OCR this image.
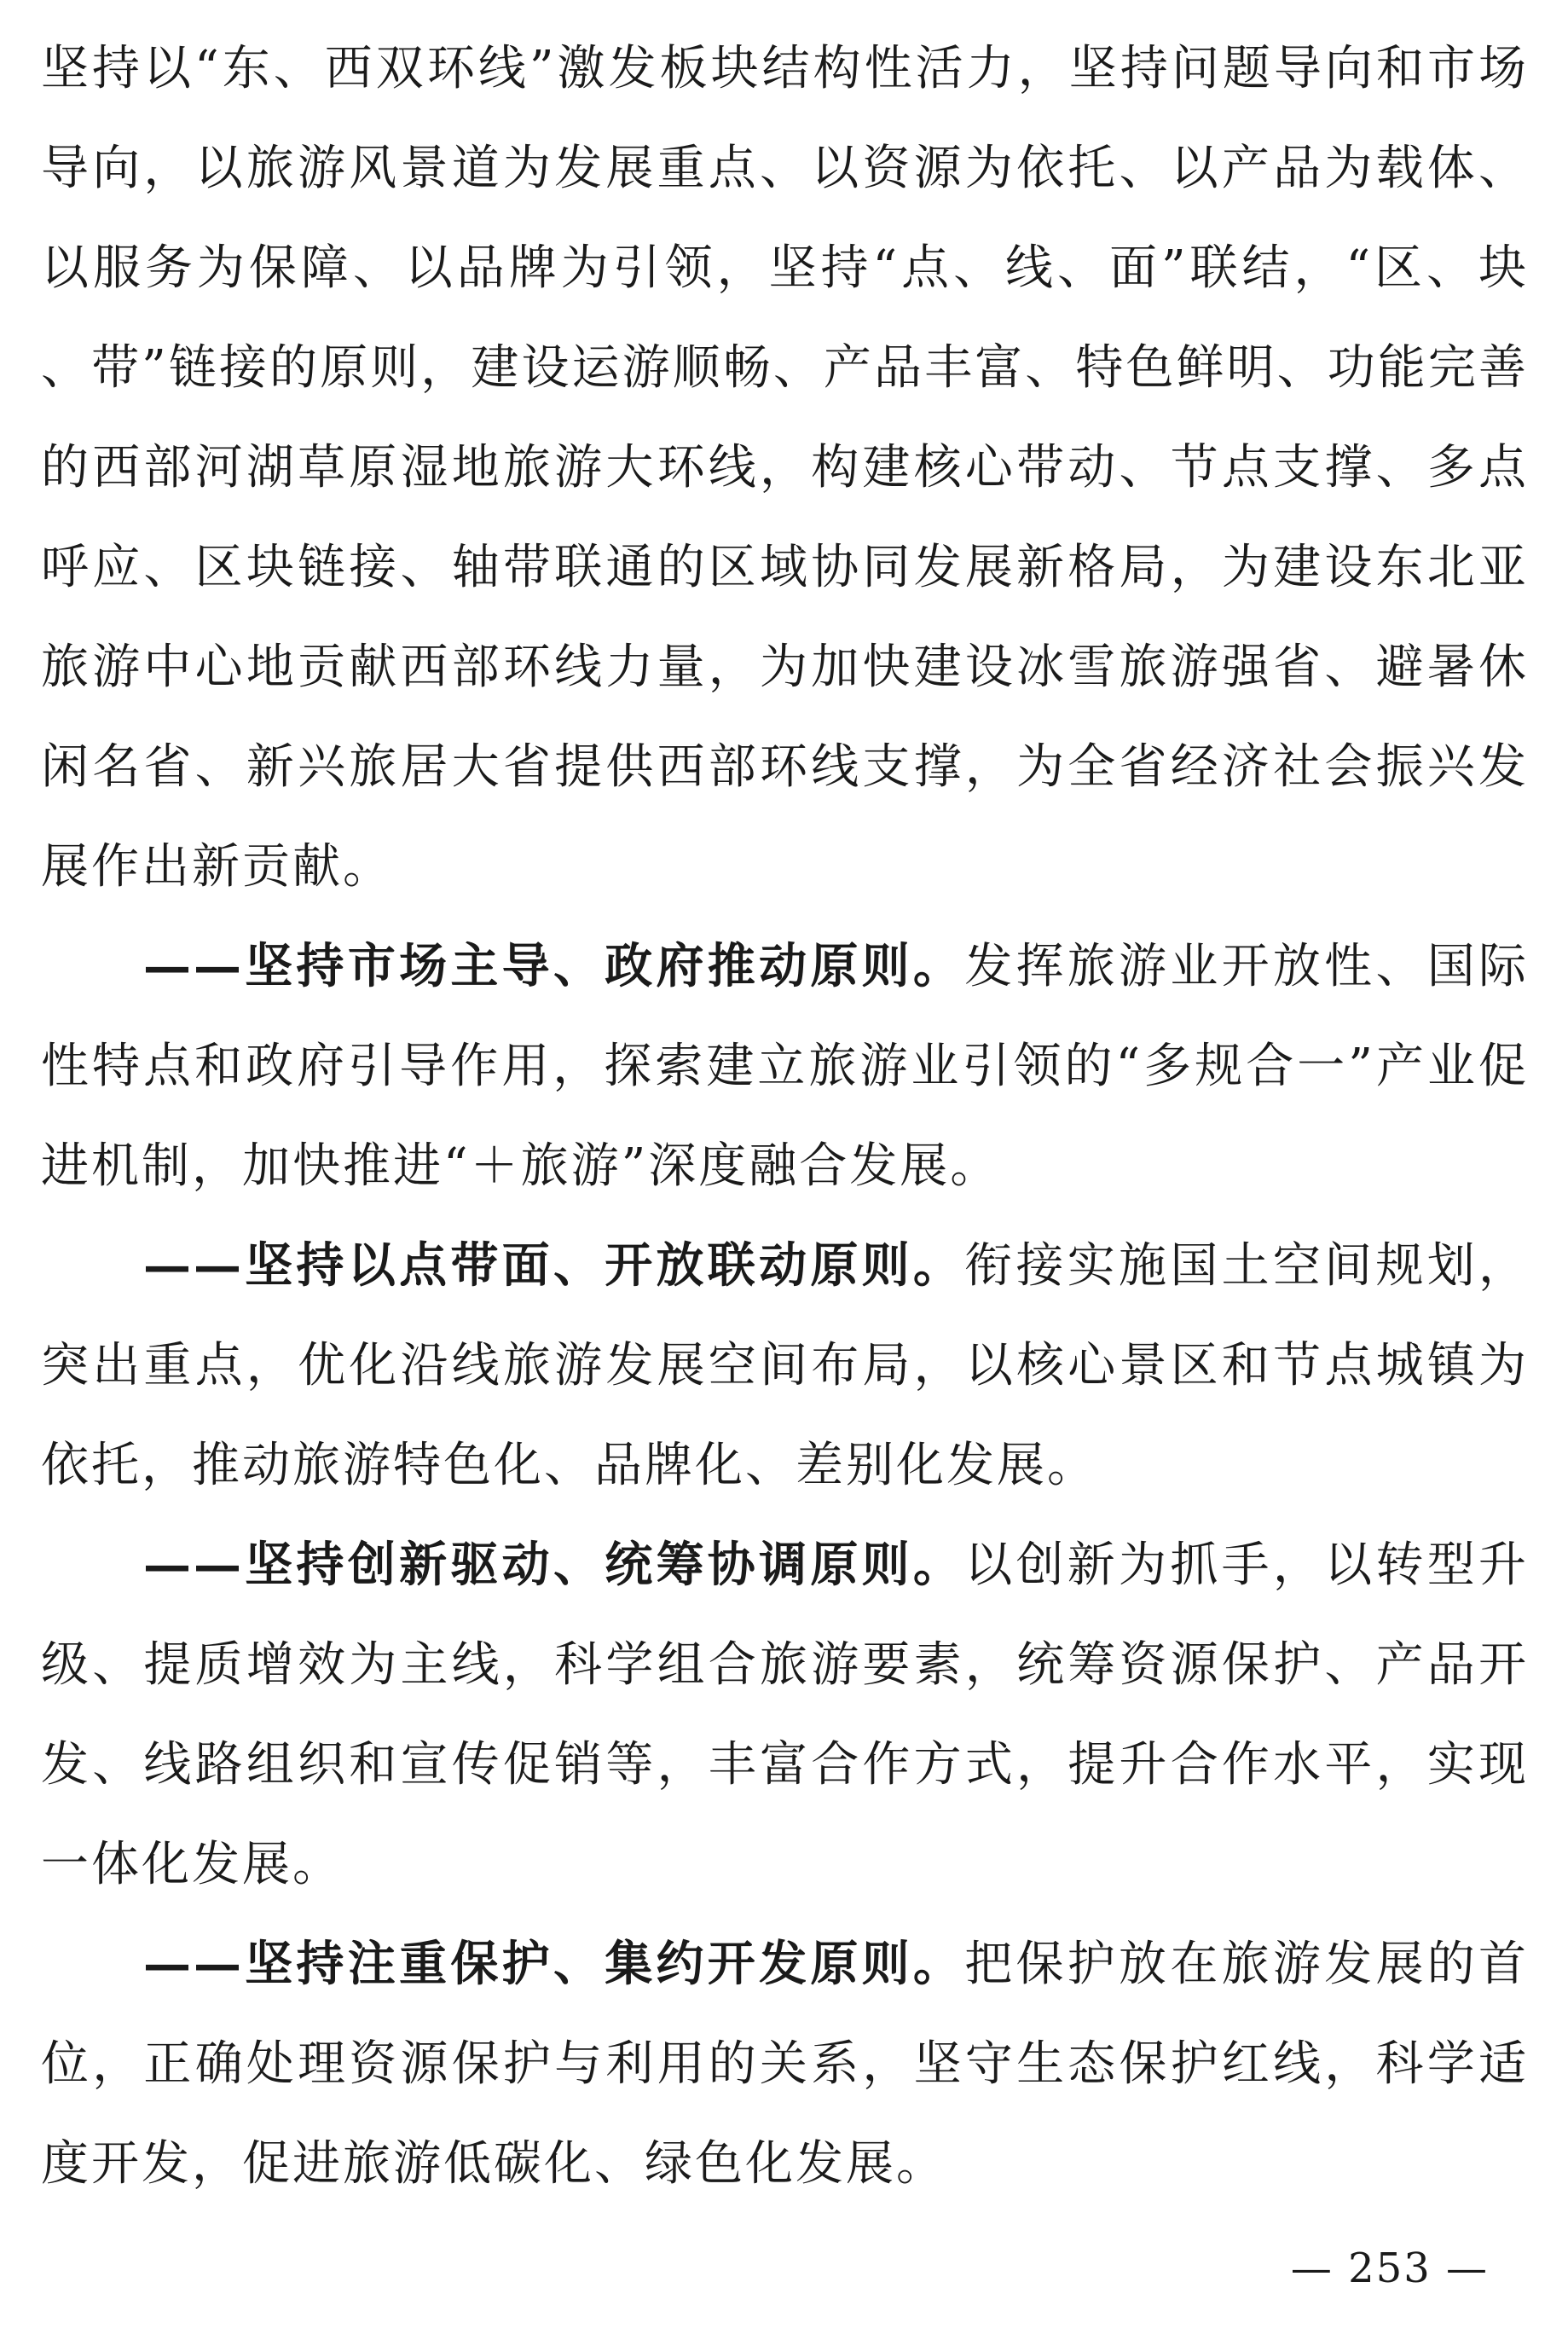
坚持以“东、西双环线”激发板块结构性活力，坚持问题导向和市场导向，以旅游风景道为发展重点、以资源为依托、以产品为载体、以服务为保障、以品牌为引领，坚持“点、线、面”联结，“区、块、带”链接的原则，建设运游顺畅、产品丰富、特色鲜明、功能完善的西部河湖草原湿地旅游大环线，构建核心带动、节点支撑、多点呼应、区块链接、轴带联通的区域协同发展新格局，为建设东北亚旅游中心地贡献西部环线力量，为加快建设冰雪旅游强省、避暑休闲名省、新兴旅居大省提供西部环线支撑，为全省经济社会振兴发展作出新贡献。

——坚持市场主导、政府推动原则。发挥旅游业开放性、国际性特点和政府引导作用，探索建立旅游业引领的“多规合一”产业促进机制，加快推进“＋旅游”深度融合发展。

——坚持以点带面、开放联动原则。衔接实施国土空间规划，突出重点，优化沿线旅游发展空间布局，以核心景区和节点城镇为依托，推动旅游特色化、品牌化、差别化发展。

——坚持创新驱动、统筹协调原则。以创新为抓手，以转型升级、提质增效为主线，科学组合旅游要素，统筹资源保护、产品开发、线路组织和宣传促销等，丰富合作方式，提升合作水平，实现一体化发展。

——坚持注重保护、集约开发原则。把保护放在旅游发展的首位，正确处理资源保护与利用的关系，坚守生态保护红线，科学适度开发，促进旅游低碳化、绿色化发展。

— 253 —
